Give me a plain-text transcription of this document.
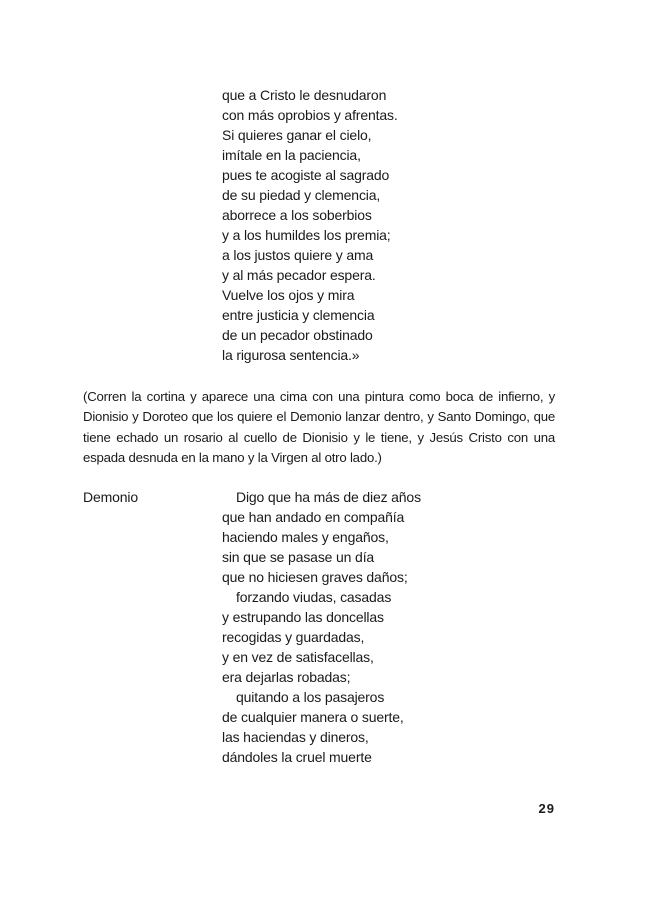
que a Cristo le desnudaron
con más oprobios y afrentas.
Si quieres ganar el cielo,
imítale en la paciencia,
pues te acogiste al sagrado
de su piedad y clemencia,
aborrece a los soberbios
y a los humildes los premia;
a los justos quiere y ama
y al más pecador espera.
Vuelve los ojos y mira
entre justicia y clemencia
de un pecador obstinado
la rigurosa sentencia.»

(Corren la cortina y aparece una cima con una pintura como boca de infierno, y Dionisio y Doroteo que los quiere el Demonio lanzar dentro, y Santo Domingo, que tiene echado un rosario al cuello de Dionisio y le tiene, y Jesús Cristo con una espada desnuda en la mano y la Virgen al otro lado.)

Demonio	Digo que ha más de diez años
que han andado en compañía
haciendo males y engaños,
sin que se pasase un día
que no hiciesen graves daños;
forzando viudas, casadas
y estrupando las doncellas
recogidas y guardadas,
y en vez de satisfacellas,
era dejarlas robadas;
quitando a los pasajeros
de cualquier manera o suerte,
las haciendas y dineros,
dándoles la cruel muerte
29
